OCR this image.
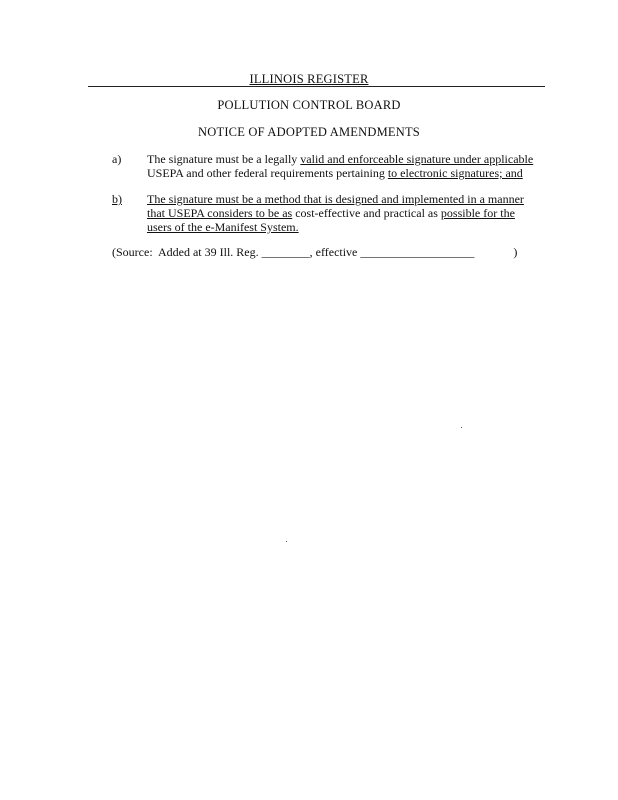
ILLINOIS REGISTER
POLLUTION CONTROL BOARD
NOTICE OF ADOPTED AMENDMENTS
a) The signature must be a legally valid and enforceable signature under applicable
USEPA and other federal requirements pertaining to electronic signatures; and
b) The signature must be a method that is designed and implemented in a manner
that USEPA considers to be as cost-effective and practical as possible for the
users of the e-Manifest System.
(Source:  Added at 39 Ill. Reg. ________, effective ___________________             )
